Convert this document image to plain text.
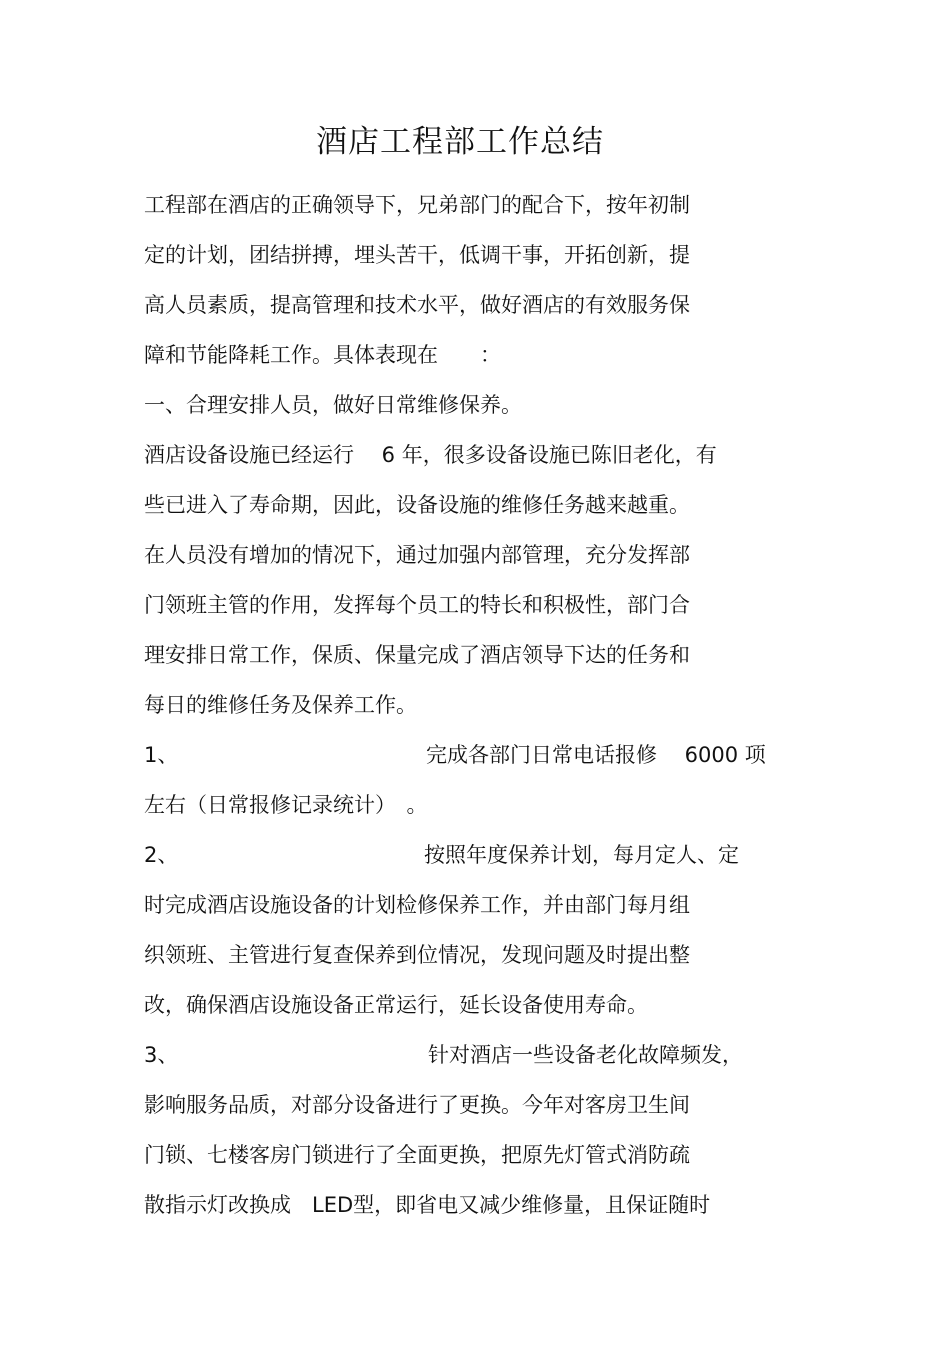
酒店工程部工作总结
工程部在酒店的正确领导下，兄弟部门的配合下，按年初制
定的计划，团结拼搏，埋头苦干，低调干事，开拓创新，提
高人员素质，提高管理和技术水平，做好酒店的有效服务保
障和节能降耗工作。具体表现在　　：
一、合理安排人员，做好日常维修保养。
酒店设备设施已经运行　 6 年，很多设备设施已陈旧老化，有
些已进入了寿命期，因此，设备设施的维修任务越来越重。
在人员没有增加的情况下，通过加强内部管理，充分发挥部
门领班主管的作用，发挥每个员工的特长和积极性，部门合
理安排日常工作，保质、保量完成了酒店领导下达的任务和
每日的维修任务及保养工作。
1、	完成各部门日常电话报修　 6000 项
左右（日常报修记录统计）　。
2、	按照年度保养计划，每月定人、定
时完成酒店设施设备的计划检修保养工作，并由部门每月组
织领班、主管进行复查保养到位情况，发现问题及时提出整
改，确保酒店设施设备正常运行，延长设备使用寿命。
3、	针对酒店一些设备老化故障频发，
影响服务品质，对部分设备进行了更换。今年对客房卫生间
门锁、七楼客房门锁进行了全面更换，把原先灯管式消防疏
散指示灯改换成　LED型，即省电又减少维修量，且保证随时
